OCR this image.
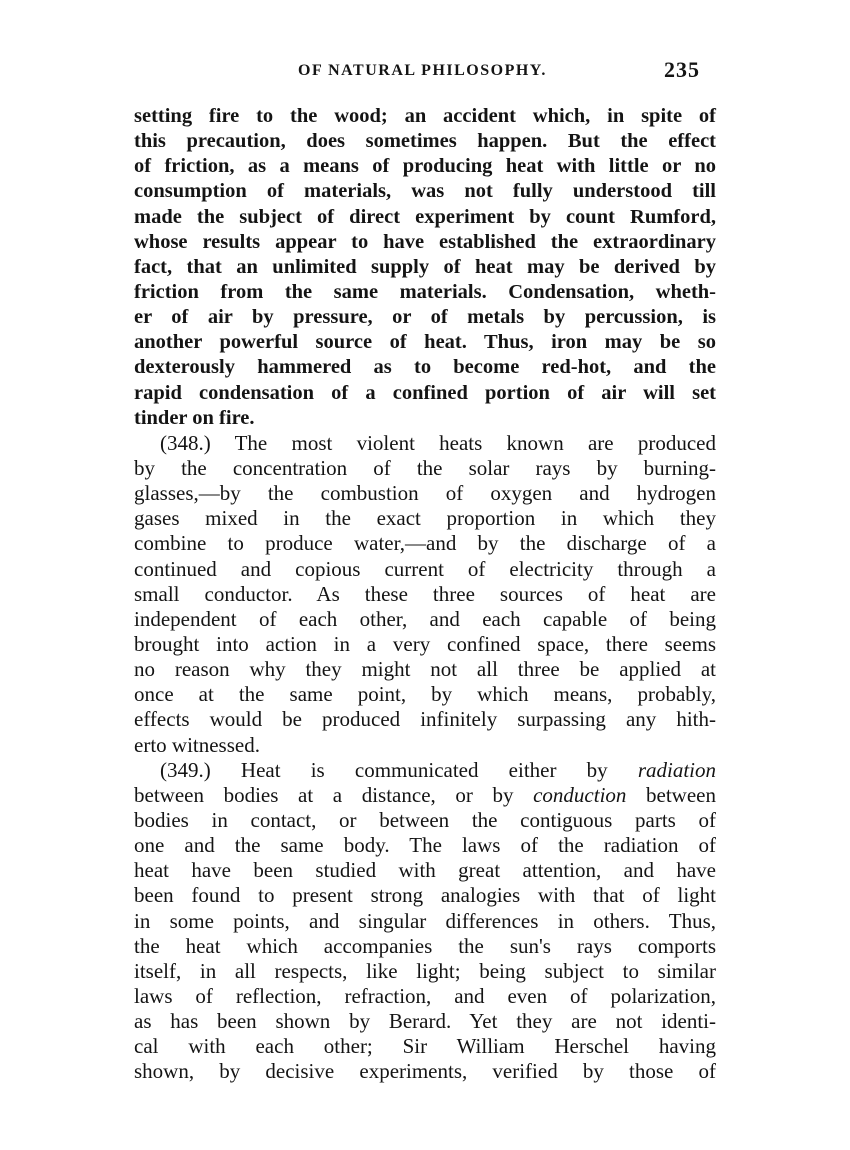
OF NATURAL PHILOSOPHY.	235
setting fire to the wood; an accident which, in spite of
this precaution, does sometimes happen. But the effect
of friction, as a means of producing heat with little or no
consumption of materials, was not fully understood till
made the subject of direct experiment by count Rumford,
whose results appear to have established the extraordinary
fact, that an unlimited supply of heat may be derived by
friction from the same materials. Condensation, wheth-
er of air by pressure, or of metals by percussion, is
another powerful source of heat. Thus, iron may be so
dexterously hammered as to become red-hot, and the
rapid condensation of a confined portion of air will set
tinder on fire.
(348.) The most violent heats known are produced
by the concentration of the solar rays by burning-
glasses,—by the combustion of oxygen and hydrogen
gases mixed in the exact proportion in which they
combine to produce water,—and by the discharge of a
continued and copious current of electricity through a
small conductor. As these three sources of heat are
independent of each other, and each capable of being
brought into action in a very confined space, there seems
no reason why they might not all three be applied at
once at the same point, by which means, probably,
effects would be produced infinitely surpassing any hith-
erto witnessed.
(349.) Heat is communicated either by radiation
between bodies at a distance, or by conduction between
bodies in contact, or between the contiguous parts of
one and the same body. The laws of the radiation of
heat have been studied with great attention, and have
been found to present strong analogies with that of light
in some points, and singular differences in others. Thus,
the heat which accompanies the sun's rays comports
itself, in all respects, like light; being subject to similar
laws of reflection, refraction, and even of polarization,
as has been shown by Berard. Yet they are not identi-
cal with each other; Sir William Herschel having
shown, by decisive experiments, verified by those of
